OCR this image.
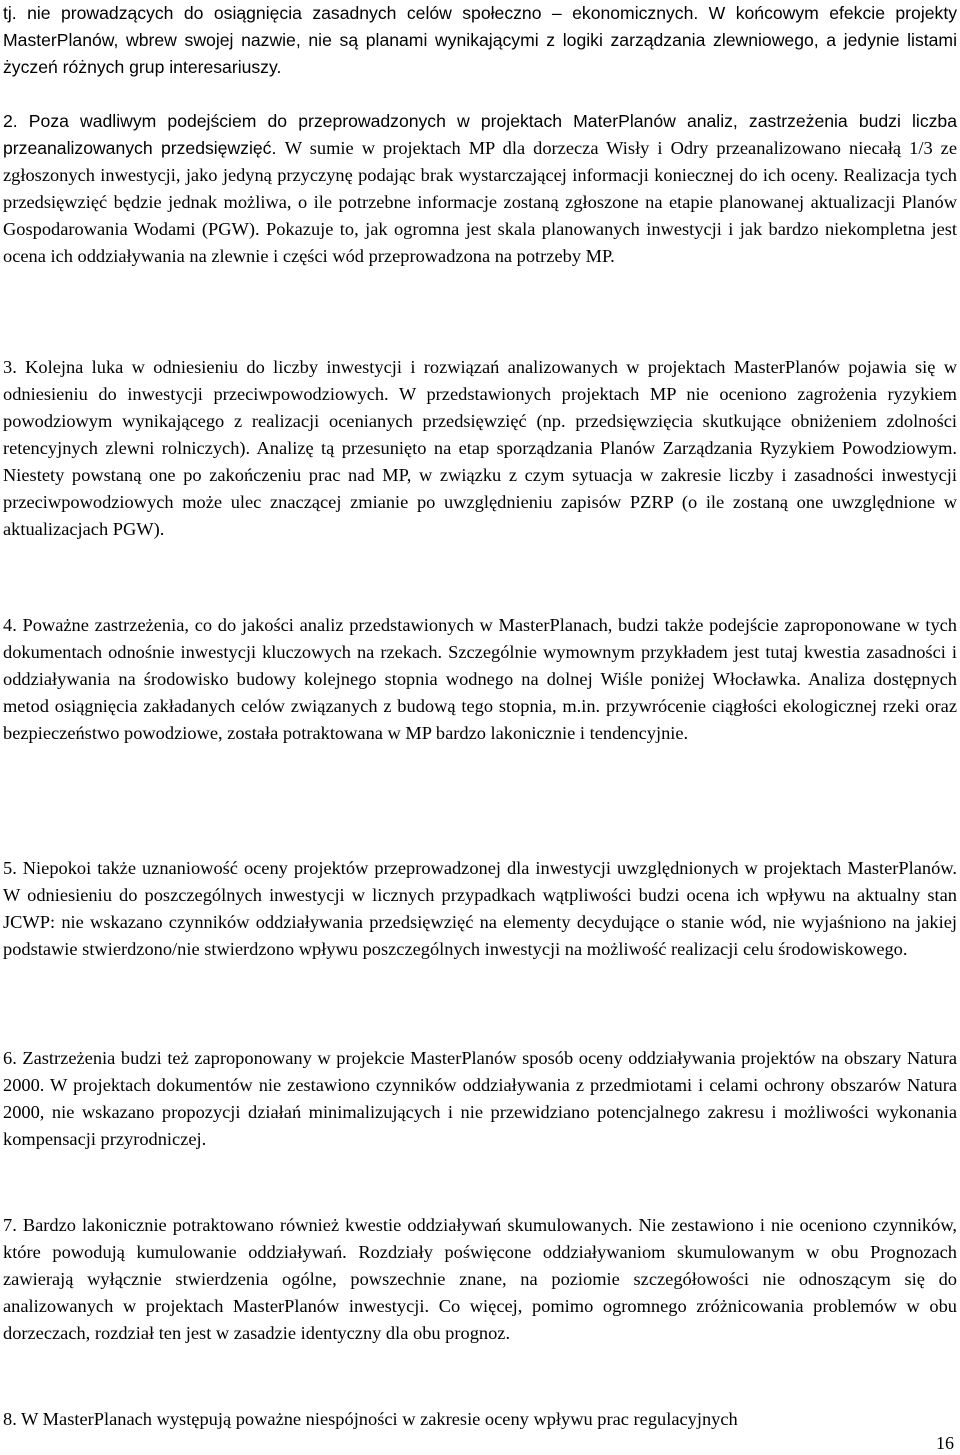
tj. nie prowadzących do osiągnięcia zasadnych celów społeczno – ekonomicznych. W końcowym efekcie projekty MasterPlanów, wbrew swojej nazwie, nie są planami wynikającymi z logiki zarządzania zlewniowego, a jedynie listami życzeń różnych grup interesariuszy.

2. Poza wadliwym podejściem do przeprowadzonych w projektach MaterPlanów analiz, zastrzeżenia budzi liczba przeanalizowanych przedsięwzięć. W sumie w projektach MP dla dorzecza Wisły i Odry przeanalizowano niecałą 1/3 ze zgłoszonych inwestycji, jako jedyną przyczynę podając brak wystarczającej informacji koniecznej do ich oceny. Realizacja tych przedsięwzięć będzie jednak możliwa, o ile potrzebne informacje zostaną zgłoszone na etapie planowanej aktualizacji Planów Gospodarowania Wodami (PGW). Pokazuje to, jak ogromna jest skala planowanych inwestycji i jak bardzo niekompletna jest ocena ich oddziaływania na zlewnie i części wód przeprowadzona na potrzeby MP.

3. Kolejna luka w odniesieniu do liczby inwestycji i rozwiązań analizowanych w projektach MasterPlanów pojawia się w odniesieniu do inwestycji przeciwpowodziowych. W przedstawionych projektach MP nie oceniono zagrożenia ryzykiem powodziowym wynikającego z realizacji ocenianych przedsięwzięć (np. przedsięwzięcia skutkujące obniżeniem zdolności retencyjnych zlewni rolniczych). Analizę tą przesunięto na etap sporządzania Planów Zarządzania Ryzykiem Powodziowym. Niestety powstaną one po zakończeniu prac nad MP, w związku z czym sytuacja w zakresie liczby i zasadności inwestycji przeciwpowodziowych może ulec znaczącej zmianie po uwzględnieniu zapisów PZRP (o ile zostaną one uwzględnione w aktualizacjach PGW).

4. Poważne zastrzeżenia, co do jakości analiz przedstawionych w MasterPlanach, budzi także podejście zaproponowane w tych dokumentach odnośnie inwestycji kluczowych na rzekach. Szczególnie wymownym przykładem jest tutaj kwestia zasadności i oddziaływania na środowisko budowy kolejnego stopnia wodnego na dolnej Wiśle poniżej Włocławka. Analiza dostępnych metod osiągnięcia zakładanych celów związanych z budową tego stopnia, m.in. przywrócenie ciągłości ekologicznej rzeki oraz bezpieczeństwo powodziowe, została potraktowana w MP bardzo lakonicznie i tendencyjnie.

5. Niepokoi także uznaniowość oceny projektów przeprowadzonej dla inwestycji uwzględnionych w projektach MasterPlanów. W odniesieniu do poszczególnych inwestycji w licznych przypadkach wątpliwości budzi ocena ich wpływu na aktualny stan JCWP: nie wskazano czynników oddziaływania przedsięwzięć na elementy decydujące o stanie wód, nie wyjaśniono na jakiej podstawie stwierdzono/nie stwierdzono wpływu poszczególnych inwestycji na możliwość realizacji celu środowiskowego.

6. Zastrzeżenia budzi też zaproponowany w projekcie MasterPlanów sposób oceny oddziaływania projektów na obszary Natura 2000. W projektach dokumentów nie zestawiono czynników oddziaływania z przedmiotami i celami ochrony obszarów Natura 2000, nie wskazano propozycji działań minimalizujących i nie przewidziano potencjalnego zakresu i możliwości wykonania kompensacji przyrodniczej.

7. Bardzo lakonicznie potraktowano również kwestie oddziaływań skumulowanych. Nie zestawiono i nie oceniono czynników, które powodują kumulowanie oddziaływań. Rozdziały poświęcone oddziaływaniom skumulowanym w obu Prognozach zawierają wyłącznie stwierdzenia ogólne, powszechnie znane, na poziomie szczegółowości nie odnoszącym się do analizowanych w projektach MasterPlanów inwestycji. Co więcej, pomimo ogromnego zróżnicowania problemów w obu dorzeczach, rozdział ten jest w zasadzie identyczny dla obu prognoz.

8. W MasterPlanach występują poważne niespójności w zakresie oceny wpływu prac regulacyjnych

16
